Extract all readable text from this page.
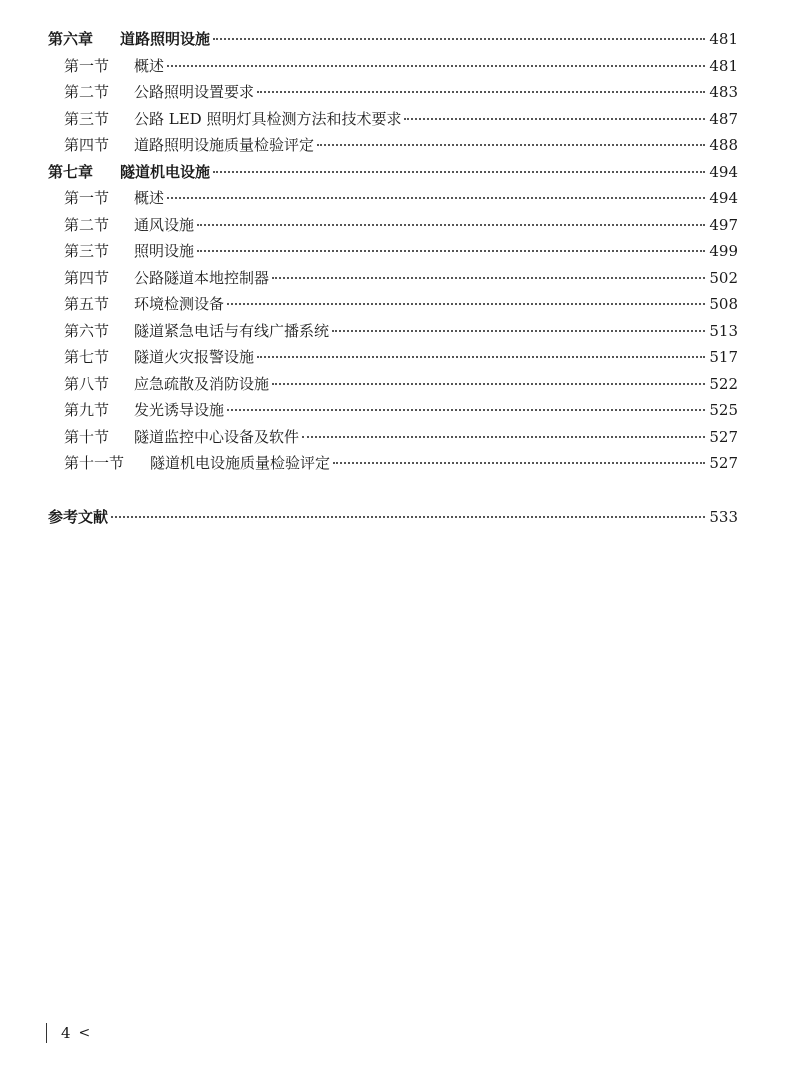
第六章	道路照明设施	481
第一节	概述	481
第二节	公路照明设置要求	483
第三节	公路 LED 照明灯具检测方法和技术要求	487
第四节	道路照明设施质量检验评定	488
第七章	隧道机电设施	494
第一节	概述	494
第二节	通风设施	497
第三节	照明设施	499
第四节	公路隧道本地控制器	502
第五节	环境检测设备	508
第六节	隧道紧急电话与有线广播系统	513
第七节	隧道火灾报警设施	517
第八节	应急疏散及消防设施	522
第九节	发光诱导设施	525
第十节	隧道监控中心设备及软件	527
第十一节	隧道机电设施质量检验评定	527
参考文献	533
4 <
